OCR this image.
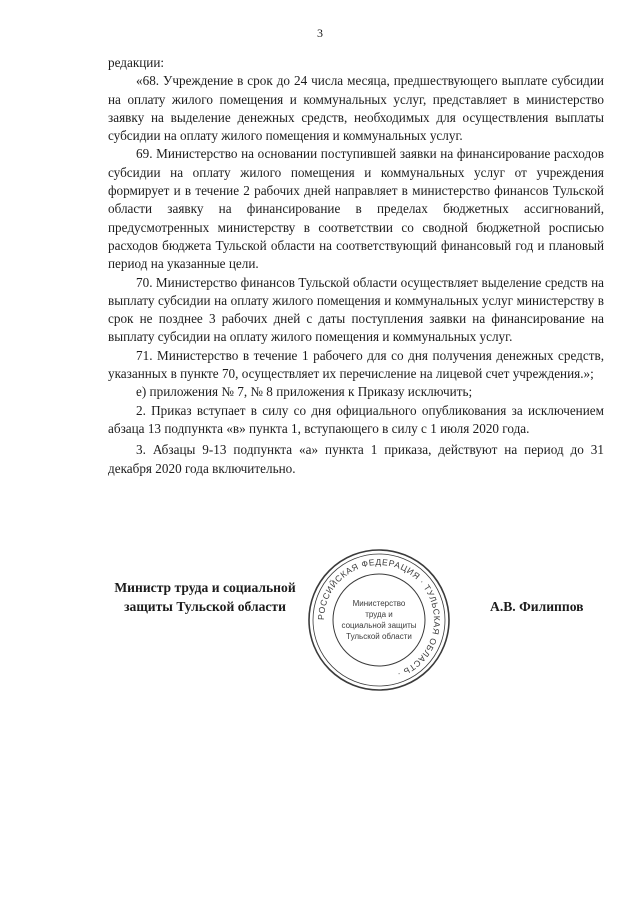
3

редакции:

«68. Учреждение в срок до 24 числа месяца, предшествующего выплате субсидии на оплату жилого помещения и коммунальных услуг, представляет в министерство заявку на выделение денежных средств, необходимых для осуществления выплаты субсидии на оплату жилого помещения и коммунальных услуг.

69. Министерство на основании поступившей заявки на финансирование расходов субсидии на оплату жилого помещения и коммунальных услуг от учреждения формирует и в течение 2 рабочих дней направляет в министерство финансов Тульской области заявку на финансирование в пределах бюджетных ассигнований, предусмотренных министерству в соответствии со сводной бюджетной росписью расходов бюджета Тульской области на соответствующий финансовый год и плановый период на указанные цели.

70. Министерство финансов Тульской области осуществляет выделение средств на выплату субсидии на оплату жилого помещения и коммунальных услуг министерству в срок не позднее 3 рабочих дней с даты поступления заявки на финансирование на выплату субсидии на оплату жилого помещения и коммунальных услуг.

71. Министерство в течение 1 рабочего для со дня получения денежных средств, указанных в пункте 70, осуществляет их перечисление на лицевой счет учреждения.»;

е) приложения № 7, № 8 приложения к Приказу исключить;

2. Приказ вступает в силу со дня официального опубликования за исключением абзаца 13 подпункта «в» пункта 1, вступающего в силу с 1 июля 2020 года.

3. Абзацы 9-13 подпункта «а» пункта 1 приказа, действуют на период до 31 декабря 2020 года включительно.

Министр труда и социальной
защиты Тульской области	А.В. Филиппов
РОССИЙСКАЯ ФЕДЕРАЦИЯ · ТУЛЬСКАЯ ОБЛАСТЬ ·
Министерство
труда и
социальной защиты
Тульской области
